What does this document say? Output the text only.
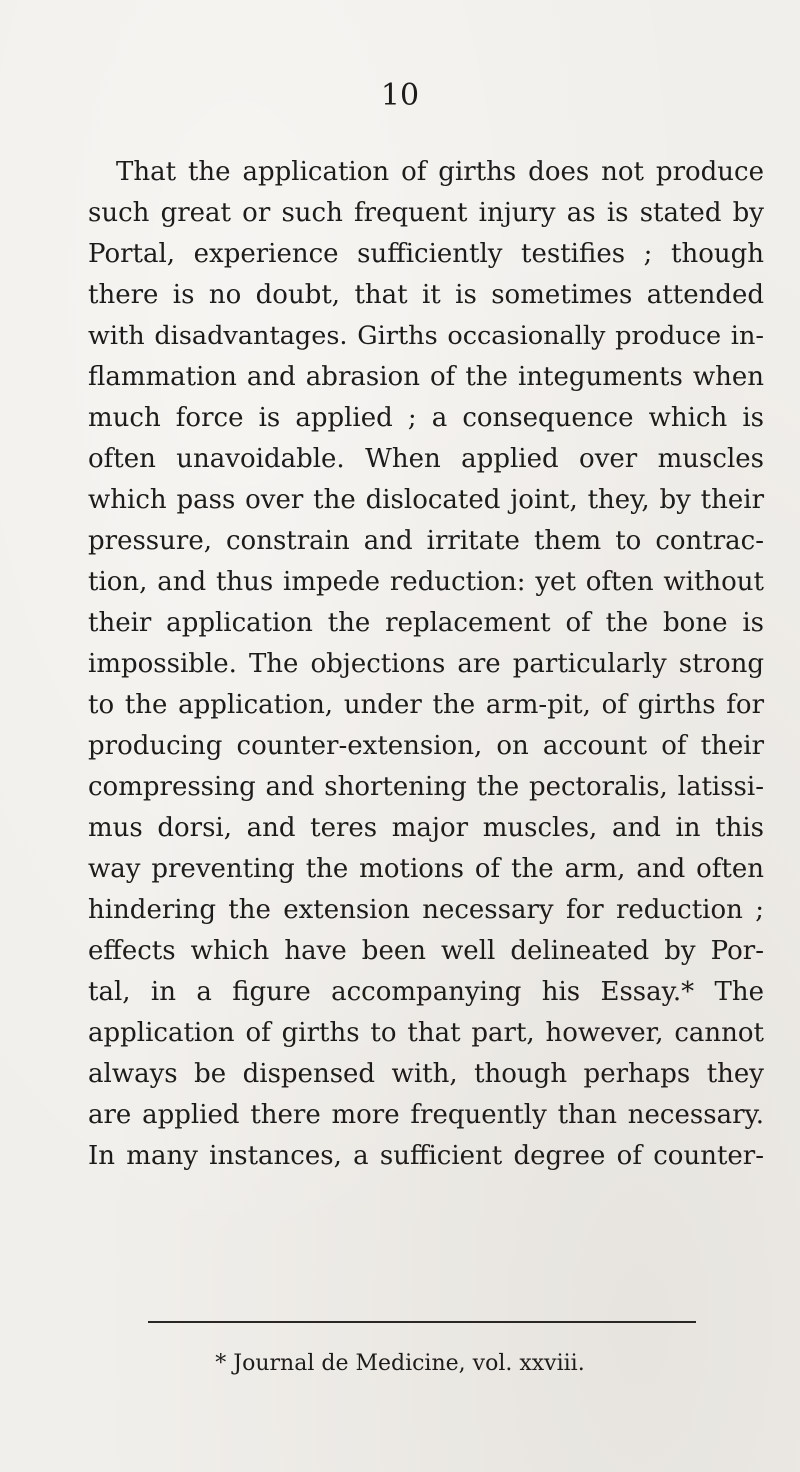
10
That the application of girths does not produce
such great or such frequent injury as is stated by
Portal, experience sufficiently testifies ; though
there is no doubt, that it is sometimes attended
with disadvantages. Girths occasionally produce in-
flammation and abrasion of the integuments when
much force is applied ; a consequence which is
often unavoidable. When applied over muscles
which pass over the dislocated joint, they, by their
pressure, constrain and irritate them to contrac-
tion, and thus impede reduction: yet often without
their application the replacement of the bone is
impossible. The objections are particularly strong
to the application, under the arm-pit, of girths for
producing counter-extension, on account of their
compressing and shortening the pectoralis, latissi-
mus dorsi, and teres major muscles, and in this
way preventing the motions of the arm, and often
hindering the extension necessary for reduction ;
effects which have been well delineated by Por-
tal, in a figure accompanying his Essay.* The
application of girths to that part, however, cannot
always be dispensed with, though perhaps they
are applied there more frequently than necessary.
In many instances, a sufficient degree of counter-
* Journal de Medicine, vol. xxviii.
